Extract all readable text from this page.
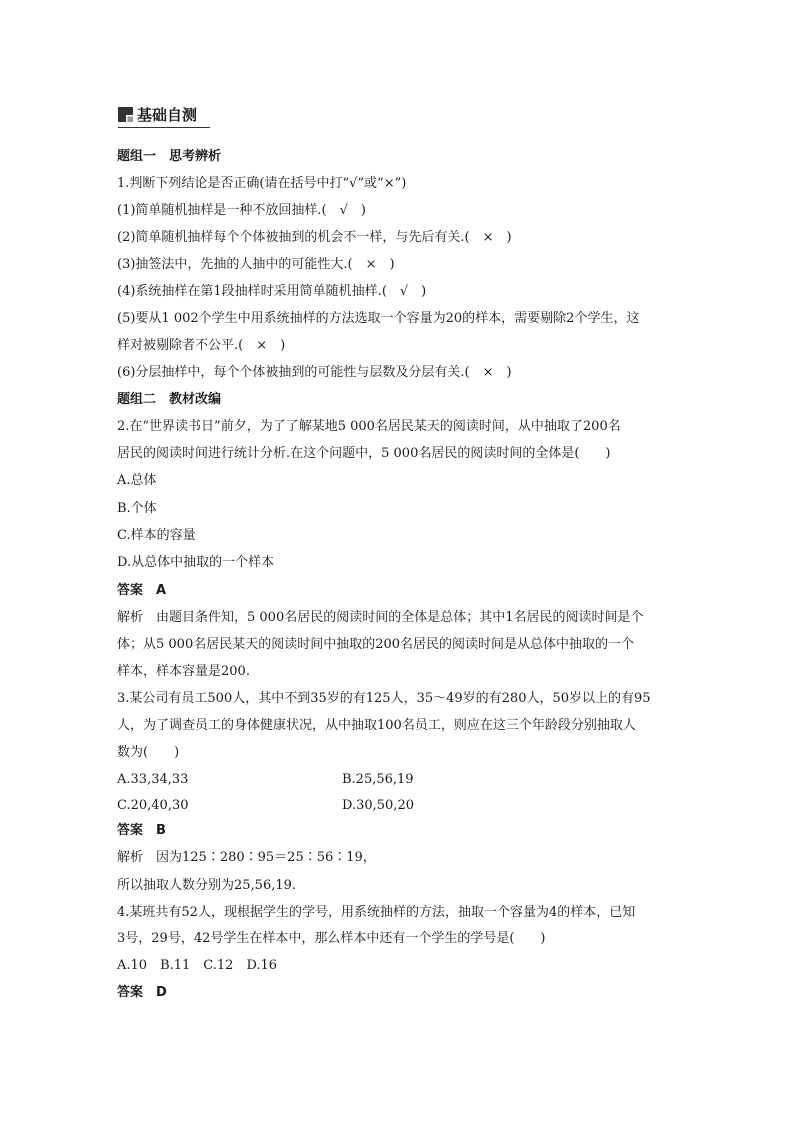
基础自测
题组一　思考辨析
1.判断下列结论是否正确(请在括号中打“√”或“×”)
(1)简单随机抽样是一种不放回抽样.(　√　)
(2)简单随机抽样每个个体被抽到的机会不一样，与先后有关.(　×　)
(3)抽签法中，先抽的人抽中的可能性大.(　×　)
(4)系统抽样在第1段抽样时采用简单随机抽样.(　√　)
(5)要从1 002个学生中用系统抽样的方法选取一个容量为20的样本，需要剔除2个学生，这
样对被剔除者不公平.(　×　)
(6)分层抽样中，每个个体被抽到的可能性与层数及分层有关.(　×　)
题组二　教材改编
2.在“世界读书日”前夕，为了了解某地5 000名居民某天的阅读时间，从中抽取了200名
居民的阅读时间进行统计分析.在这个问题中，5 000名居民的阅读时间的全体是(　　)
A.总体
B.个体
C.样本的容量
D.从总体中抽取的一个样本
答案　A
解析　由题目条件知，5 000名居民的阅读时间的全体是总体；其中1名居民的阅读时间是个
体；从5 000名居民某天的阅读时间中抽取的200名居民的阅读时间是从总体中抽取的一个
样本，样本容量是200.
3.某公司有员工500人，其中不到35岁的有125人，35～49岁的有280人，50岁以上的有95
人，为了调查员工的身体健康状况，从中抽取100名员工，则应在这三个年龄段分别抽取人
数为(　　)
A.33,34,33	B.25,56,19
C.20,40,30	D.30,50,20
答案　B
解析　因为125∶280∶95＝25∶56∶19，
所以抽取人数分别为25,56,19.
4.某班共有52人，现根据学生的学号，用系统抽样的方法，抽取一个容量为4的样本，已知
3号，29号，42号学生在样本中，那么样本中还有一个学生的学号是(　　)
A.10　B.11　C.12　D.16
答案　D
